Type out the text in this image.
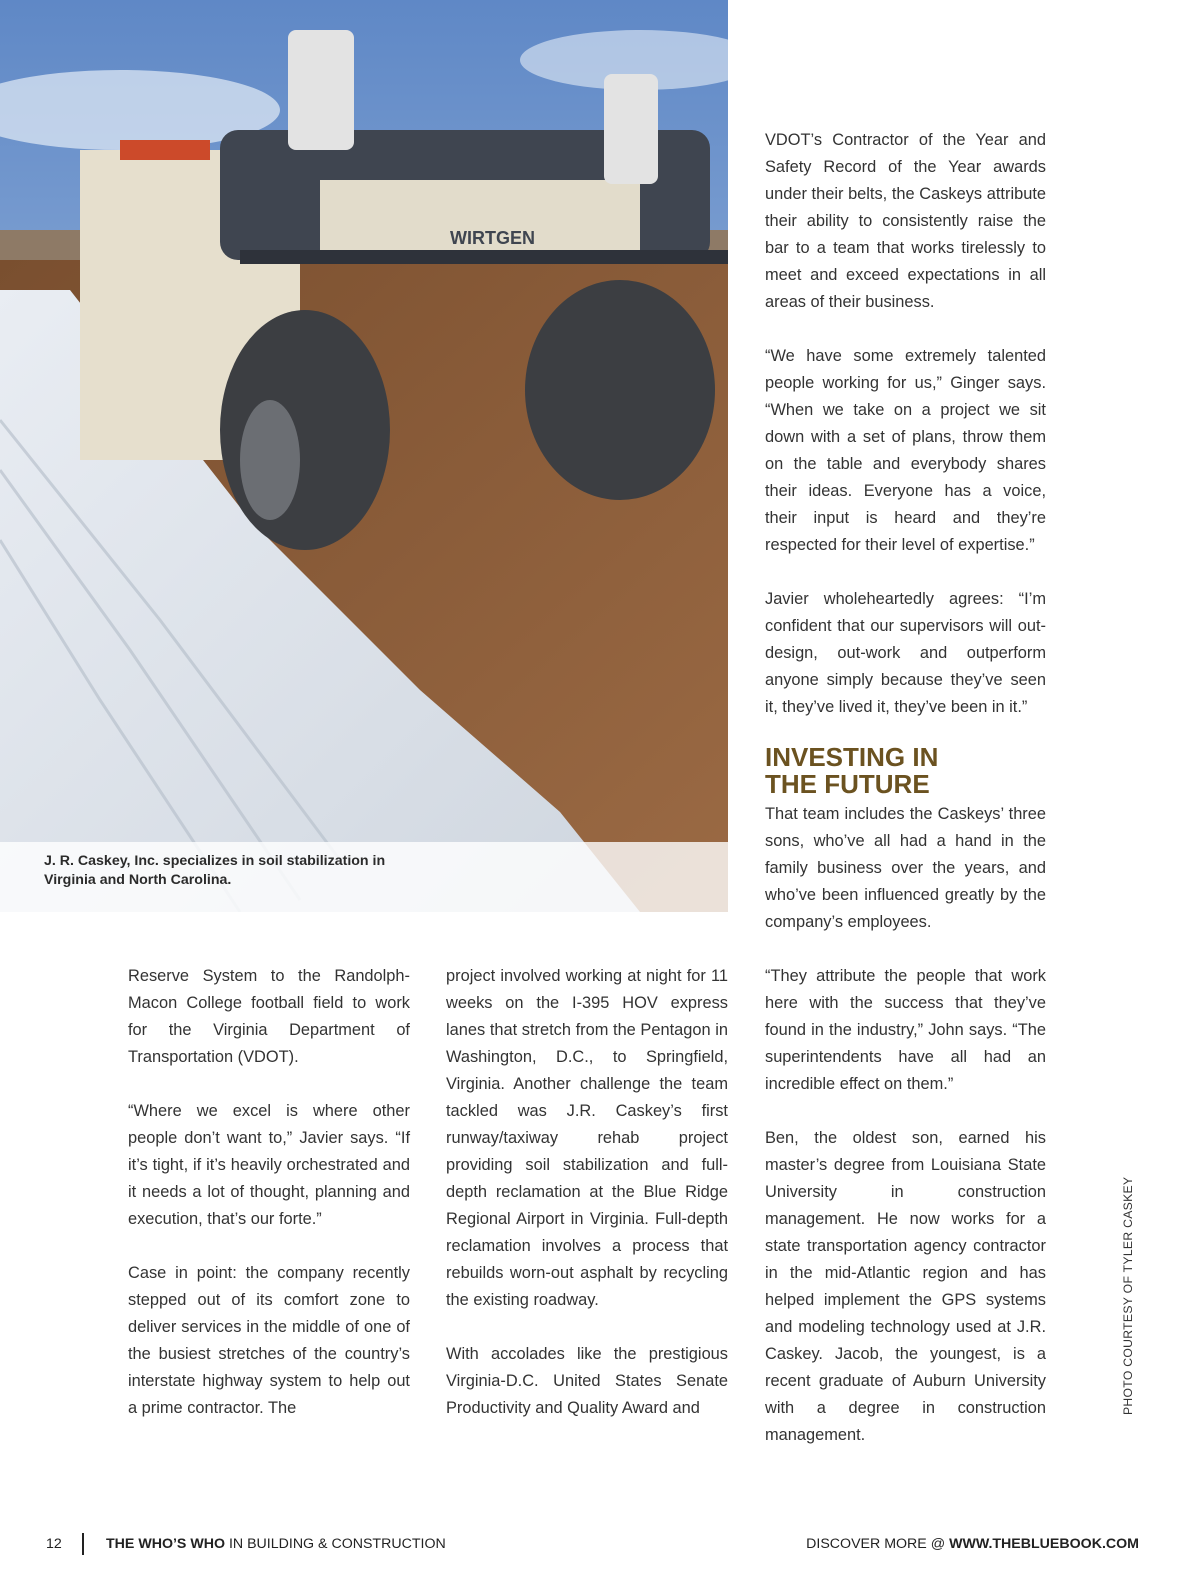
WIRTGEN

J. R. Caskey, Inc. specializes in soil stabilization in Virginia and North Carolina.

Reserve System to the Randolph-Macon College football field to work for the Virginia Department of Transportation (VDOT).

“Where we excel is where other people don’t want to,” Javier says. “If it’s tight, if it’s heavily orchestrated and it needs a lot of thought, planning and execution, that’s our forte.”

Case in point: the company recently stepped out of its comfort zone to deliver services in the middle of one of the busiest stretches of the country’s interstate highway system to help out a prime contractor. The

project involved working at night for 11 weeks on the I-395 HOV express lanes that stretch from the Pentagon in Washington, D.C., to Springfield, Virginia. Another challenge the team tackled was J.R. Caskey’s first runway/taxiway rehab project providing soil stabilization and full-depth reclamation at the Blue Ridge Regional Airport in Virginia. Full-depth reclamation involves a process that rebuilds worn-out asphalt by recycling the existing roadway.

With accolades like the prestigious Virginia-D.C. United States Senate Productivity and Quality Award and

VDOT’s Contractor of the Year and Safety Record of the Year awards under their belts, the Caskeys attribute their ability to consistently raise the bar to a team that works tirelessly to meet and exceed expectations in all areas of their business.

“We have some extremely talented people working for us,” Ginger says. “When we take on a project we sit down with a set of plans, throw them on the table and everybody shares their ideas. Everyone has a voice, their input is heard and they’re respected for their level of expertise.”

Javier wholeheartedly agrees: “I’m confident that our supervisors will out-design, out-work and outperform anyone simply because they’ve seen it, they’ve lived it, they’ve been in it.”

INVESTING IN
THE FUTURE

That team includes the Caskeys’ three sons, who’ve all had a hand in the family business over the years, and who’ve been influenced greatly by the company’s employees.

“They attribute the people that work here with the success that they’ve found in the industry,” John says. “The superintendents have all had an incredible effect on them.”

Ben, the oldest son, earned his master’s degree from Louisiana State University in construction management. He now works for a state transportation agency contractor in the mid-Atlantic region and has helped implement the GPS systems and modeling technology used at J.R. Caskey. Jacob, the youngest, is a recent graduate of Auburn University with a degree in construction management.

PHOTO COURTESY OF TYLER CASKEY
12	THE WHO’S WHO IN BUILDING & CONSTRUCTION	DISCOVER MORE @ WWW.THEBLUEBOOK.COM
